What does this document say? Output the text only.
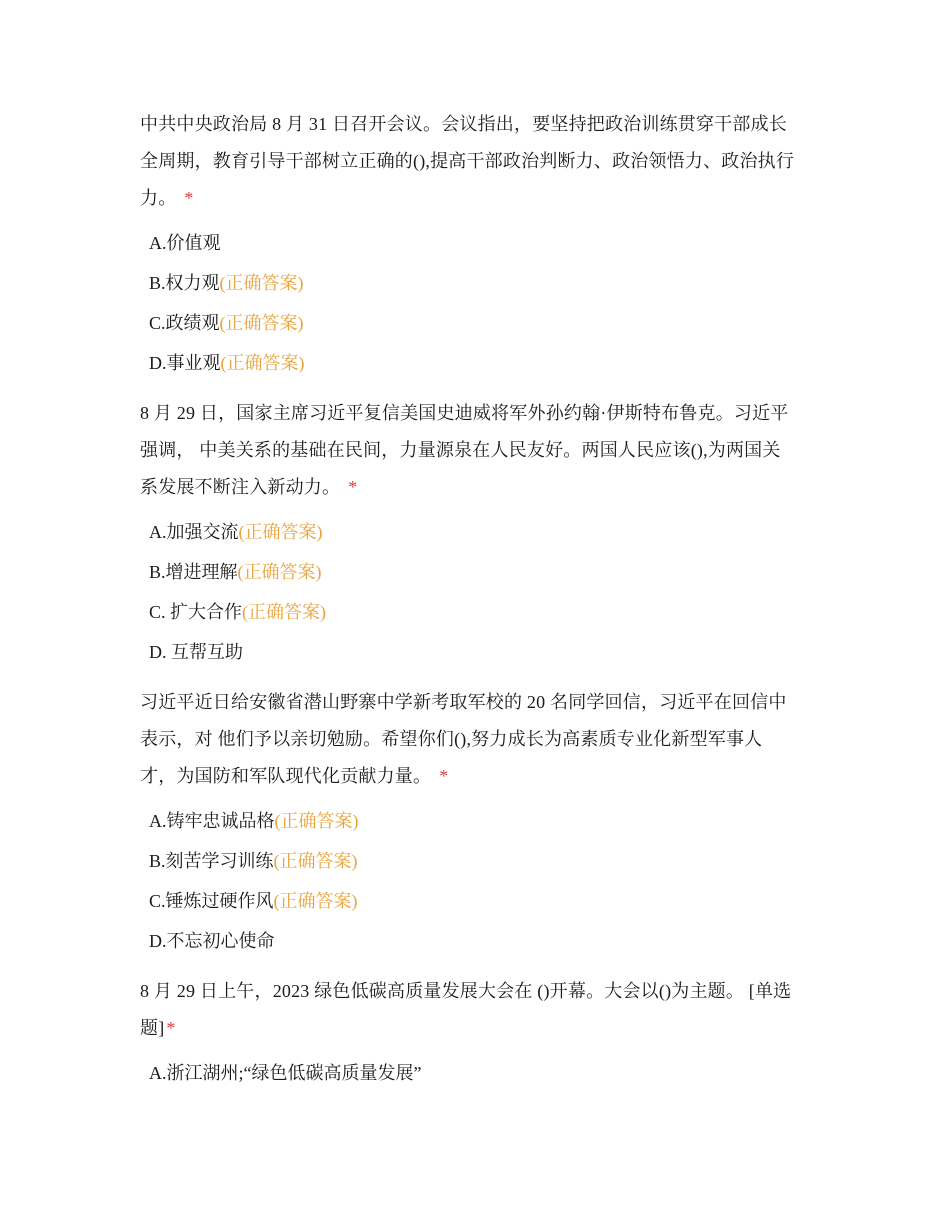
中共中央政治局 8 月 31 日召开会议。会议指出，要坚持把政治训练贯穿干部成长
全周期，教育引导干部树立正确的(),提高干部政治判断力、政治领悟力、政治执行
力。 *

A.价值观
B.权力观(正确答案)
C.政绩观(正确答案)
D.事业观(正确答案)

8 月 29 日，国家主席习近平复信美国史迪威将军外孙约翰·伊斯特布鲁克。习近平
强调， 中美关系的基础在民间，力量源泉在人民友好。两国人民应该(),为两国关
系发展不断注入新动力。 *

A.加强交流(正确答案)
B.增进理解(正确答案)
C. 扩大合作(正确答案)
D. 互帮互助

习近平近日给安徽省潜山野寨中学新考取军校的 20 名同学回信，习近平在回信中
表示，对 他们予以亲切勉励。希望你们(),努力成长为高素质专业化新型军事人
才，为国防和军队现代化贡献力量。 *

A.铸牢忠诚品格(正确答案)
B.刻苦学习训练(正确答案)
C.锤炼过硬作风(正确答案)
D.不忘初心使命

8 月 29 日上午，2023 绿色低碳高质量发展大会在 ()开幕。大会以()为主题。 [单选
题] *

A.浙江湖州;“绿色低碳高质量发展”
